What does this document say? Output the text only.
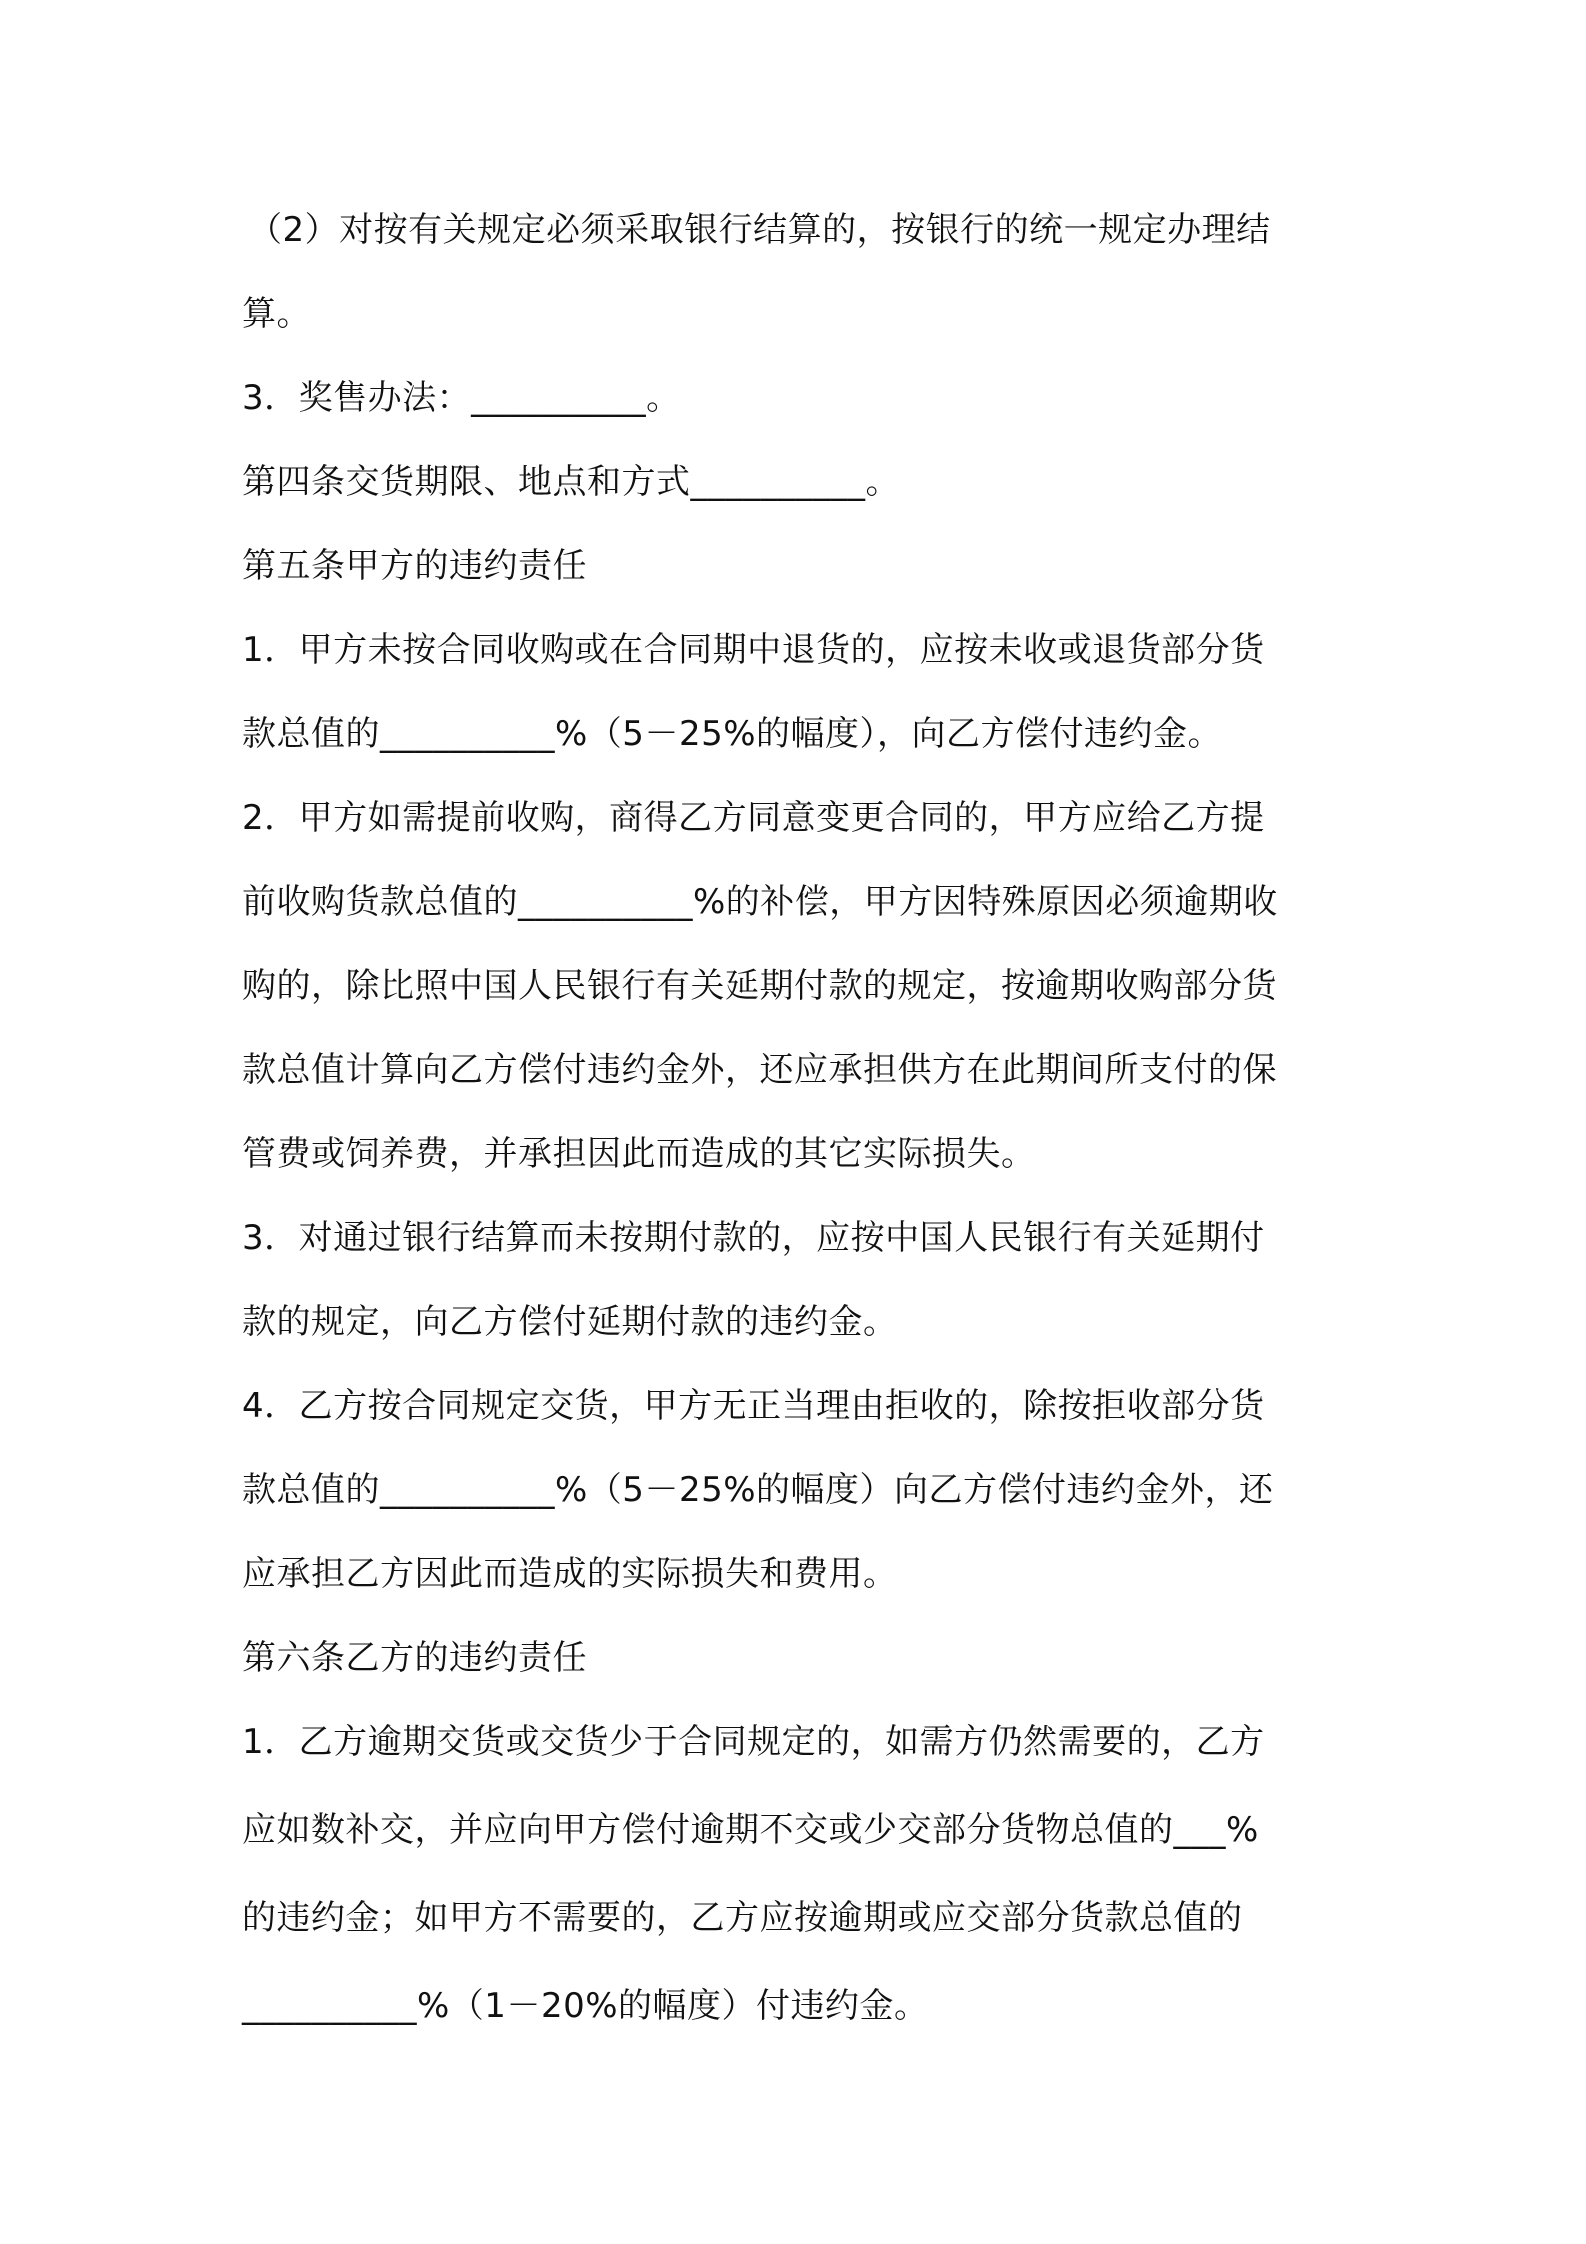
（2）对按有关规定必须采取银行结算的，按银行的统一规定办理结
算。
3．奖售办法：__________。
第四条交货期限、地点和方式__________。
第五条甲方的违约责任
1．甲方未按合同收购或在合同期中退货的，应按未收或退货部分货
款总值的__________%（5－25%的幅度），向乙方偿付违约金。
2．甲方如需提前收购，商得乙方同意变更合同的，甲方应给乙方提
前收购货款总值的__________%的补偿，甲方因特殊原因必须逾期收
购的，除比照中国人民银行有关延期付款的规定，按逾期收购部分货
款总值计算向乙方偿付违约金外，还应承担供方在此期间所支付的保
管费或饲养费，并承担因此而造成的其它实际损失。
3．对通过银行结算而未按期付款的，应按中国人民银行有关延期付
款的规定，向乙方偿付延期付款的违约金。
4．乙方按合同规定交货，甲方无正当理由拒收的，除按拒收部分货
款总值的__________%（5－25%的幅度）向乙方偿付违约金外，还
应承担乙方因此而造成的实际损失和费用。
第六条乙方的违约责任
1．乙方逾期交货或交货少于合同规定的，如需方仍然需要的，乙方
应如数补交，并应向甲方偿付逾期不交或少交部分货物总值的___%
的违约金；如甲方不需要的，乙方应按逾期或应交部分货款总值的
__________%（1－20%的幅度）付违约金。
